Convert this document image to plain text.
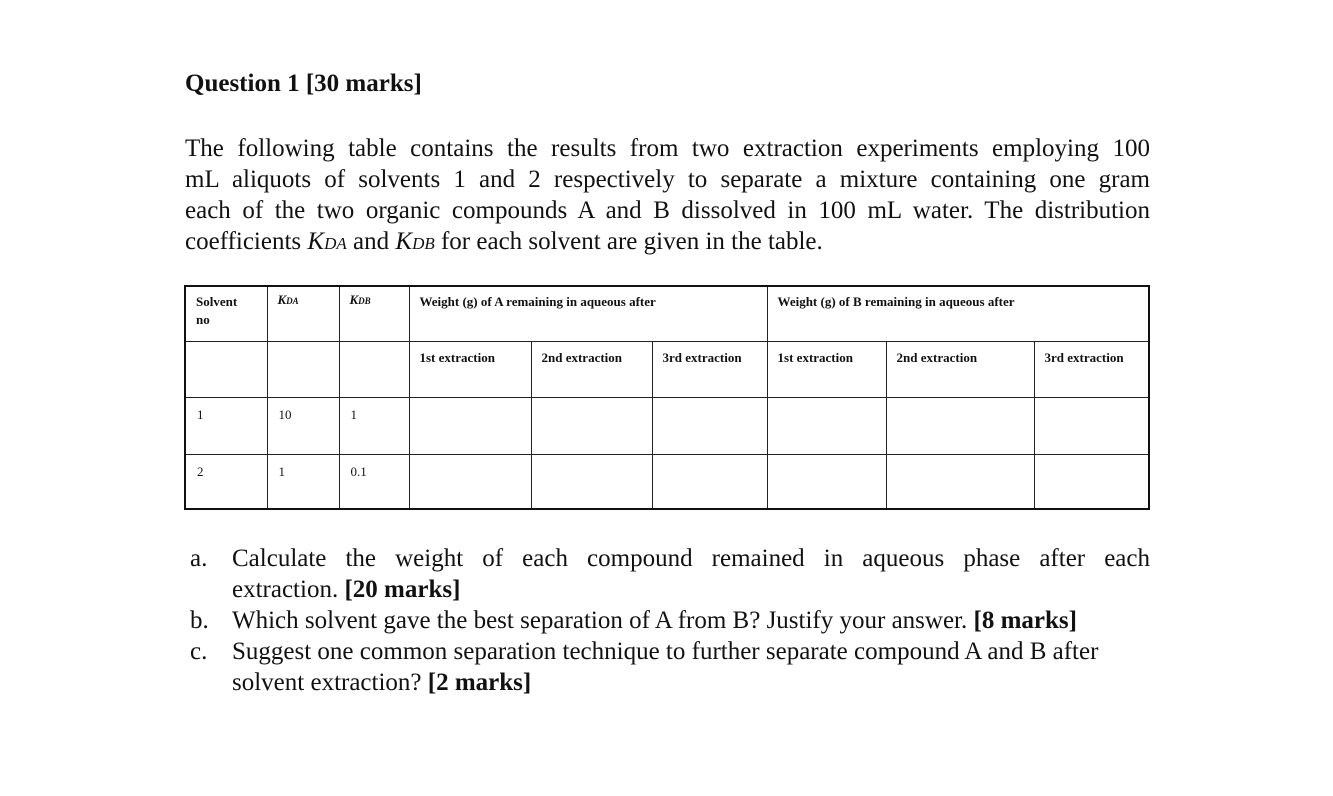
Question 1 [30 marks]
The following table contains the results from two extraction experiments employing 100
mL aliquots of solvents 1 and 2 respectively to separate a mixture containing one gram
each of the two organic compounds A and B dissolved in 100 mL water. The distribution
coefficients KDA and KDB for each solvent are given in the table.
Solvent
no	KDA	KDB	Weight (g) of A remaining in aqueous after			Weight (g) of B remaining in aqueous after		
			1st extraction	2nd extraction	3rd extraction	1st extraction	2nd extraction	3rd extraction
1	10	1						
2	1	0.1						
a. Calculate the weight of each compound remained in aqueous phase after each
extraction. [20 marks]
b. Which solvent gave the best separation of A from B? Justify your answer. [8 marks]
c. Suggest one common separation technique to further separate compound A and B after
solvent extraction? [2 marks]
